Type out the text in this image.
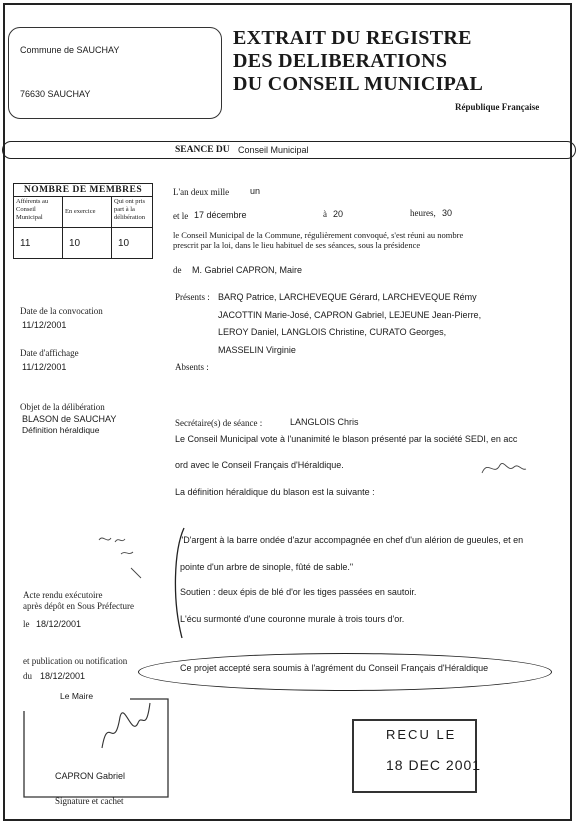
Commune de SAUCHAY
76630 SAUCHAY
EXTRAIT DU REGISTRE
DES DELIBERATIONS
DU CONSEIL MUNICIPAL
République Française
SEANCE DU Conseil Municipal
NOMBRE DE MEMBRES		
Afférents au Conseil Municipal	En exercice	Qui ont pris part à la délibération
11	10	10
Date de la convocation
11/12/2001
Date d'affichage
11/12/2001
Objet de la délibération
BLASON de SAUCHAY
Définition héraldique
Acte rendu exécutoire
après dépôt en Sous Préfecture
le 18/12/2001
et publication ou notification
du 18/12/2001
L'an deux mille un
et le 17 décembre	à 20	heures, 30
le Conseil Municipal de la Commune, régulièrement convoqué, s'est réuni au nombre
prescrit par la loi, dans le lieu habituel de ses séances, sous la présidence
de M. Gabriel CAPRON, Maire
Présents : BARQ Patrice, LARCHEVEQUE Gérard, LARCHEVEQUE Rémy
JACOTTIN Marie-José, CAPRON Gabriel, LEJEUNE Jean-Pierre,
LEROY Daniel, LANGLOIS Christine, CURATO Georges,
MASSELIN Virginie
Absents :
Secrétaire(s) de séance :	LANGLOIS Chris
Le Conseil Municipal vote à l'unanimité le blason présenté par la société SEDI, en acc
ord avec le Conseil Français d'Héraldique.
La définition héraldique du blason est la suivante :
"D'argent à la barre ondée d'azur accompagnée en chef d'un alérion de gueules, et en
pointe d'un arbre de sinople, fûté de sable."
Soutien : deux épis de blé d'or les tiges passées en sautoir.
L'écu surmonté d'une couronne murale à trois tours d'or.
Ce projet accepté sera soumis à l'agrément du Conseil Français d'Héraldique
Le Maire
CAPRON Gabriel
Signature et cachet
RECU LE
18 DEC 2001
